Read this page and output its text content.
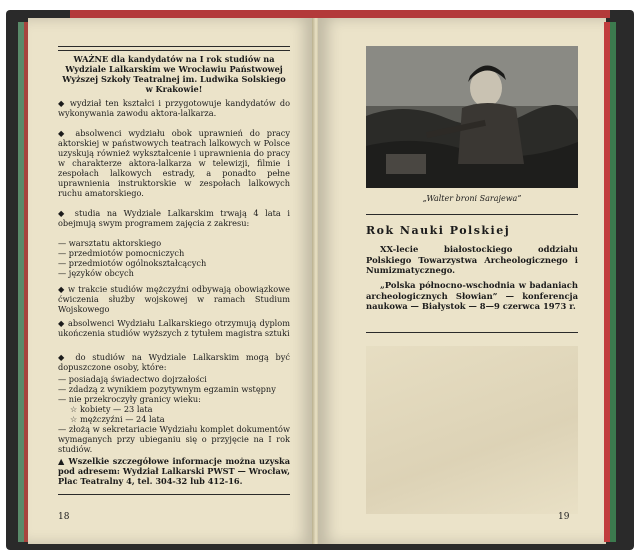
WAŻNE dla kandydatów na I rok studiów na Wydziale Lalkarskim we Wrocławiu Państwowej Wyższej Szkoły Teatralnej im. Ludwika Solskiego w Krakowie!
◆ wydział ten kształci i przygotowuje kandydatów do wykonywania zawodu aktora-lalkarza.
◆ absolwenci wydziału obok uprawnień do pracy aktorskiej w państwowych teatrach lalkowych w Polsce uzyskują również wykształcenie i uprawnienia do pracy w charakterze aktora-lalkarza w telewizji, filmie i zespołach lalkowych estrady, a ponadto pełne uprawnienia instruktorskie w zespołach lalkowych ruchu amatorskiego.
◆ studia na Wydziale Lalkarskim trwają 4 lata i obejmują swym programem zajęcia z zakresu:
— warsztatu aktorskiego
— przedmiotów pomocniczych
— przedmiotów ogólnokształcących
— języków obcych
◆ w trakcie studiów mężczyźni odbywają obowiązkowe ćwiczenia służby wojskowej w ramach Studium Wojskowego
◆ absolwenci Wydziału Lalkarskiego otrzymują dyplom ukończenia studiów wyższych z tytułem magistra sztuki
◆ do studiów na Wydziale Lalkarskim mogą być dopuszczone osoby, które:
— posiadają świadectwo dojrzałości
— zdadzą z wynikiem pozytywnym egzamin wstępny
— nie przekroczyły granicy wieku:
☆ kobiety — 23 lata
☆ mężczyźni — 24 lata
— złożą w sekretariacie Wydziału komplet dokumentów wymaganych przy ubieganiu się o przyjęcie na I rok studiów.
▲ Wszelkie szczegółowe informacje można uzyska pod adresem: Wydział Lalkarski PWST — Wrocław, Plac Teatralny 4, tel. 304-32 lub 412-16.
18
„Walter broni Sarajewa”
Rok Nauki Polskiej
XX-lecie białostockiego oddziału Polskiego Towarzystwa Archeologicznego i Numizmatycznego.
„Polska północno-wschodnia w badaniach archeologicznych Słowian” — konferencja naukowa — Białystok — 8—9 czerwca 1973 r.
19
